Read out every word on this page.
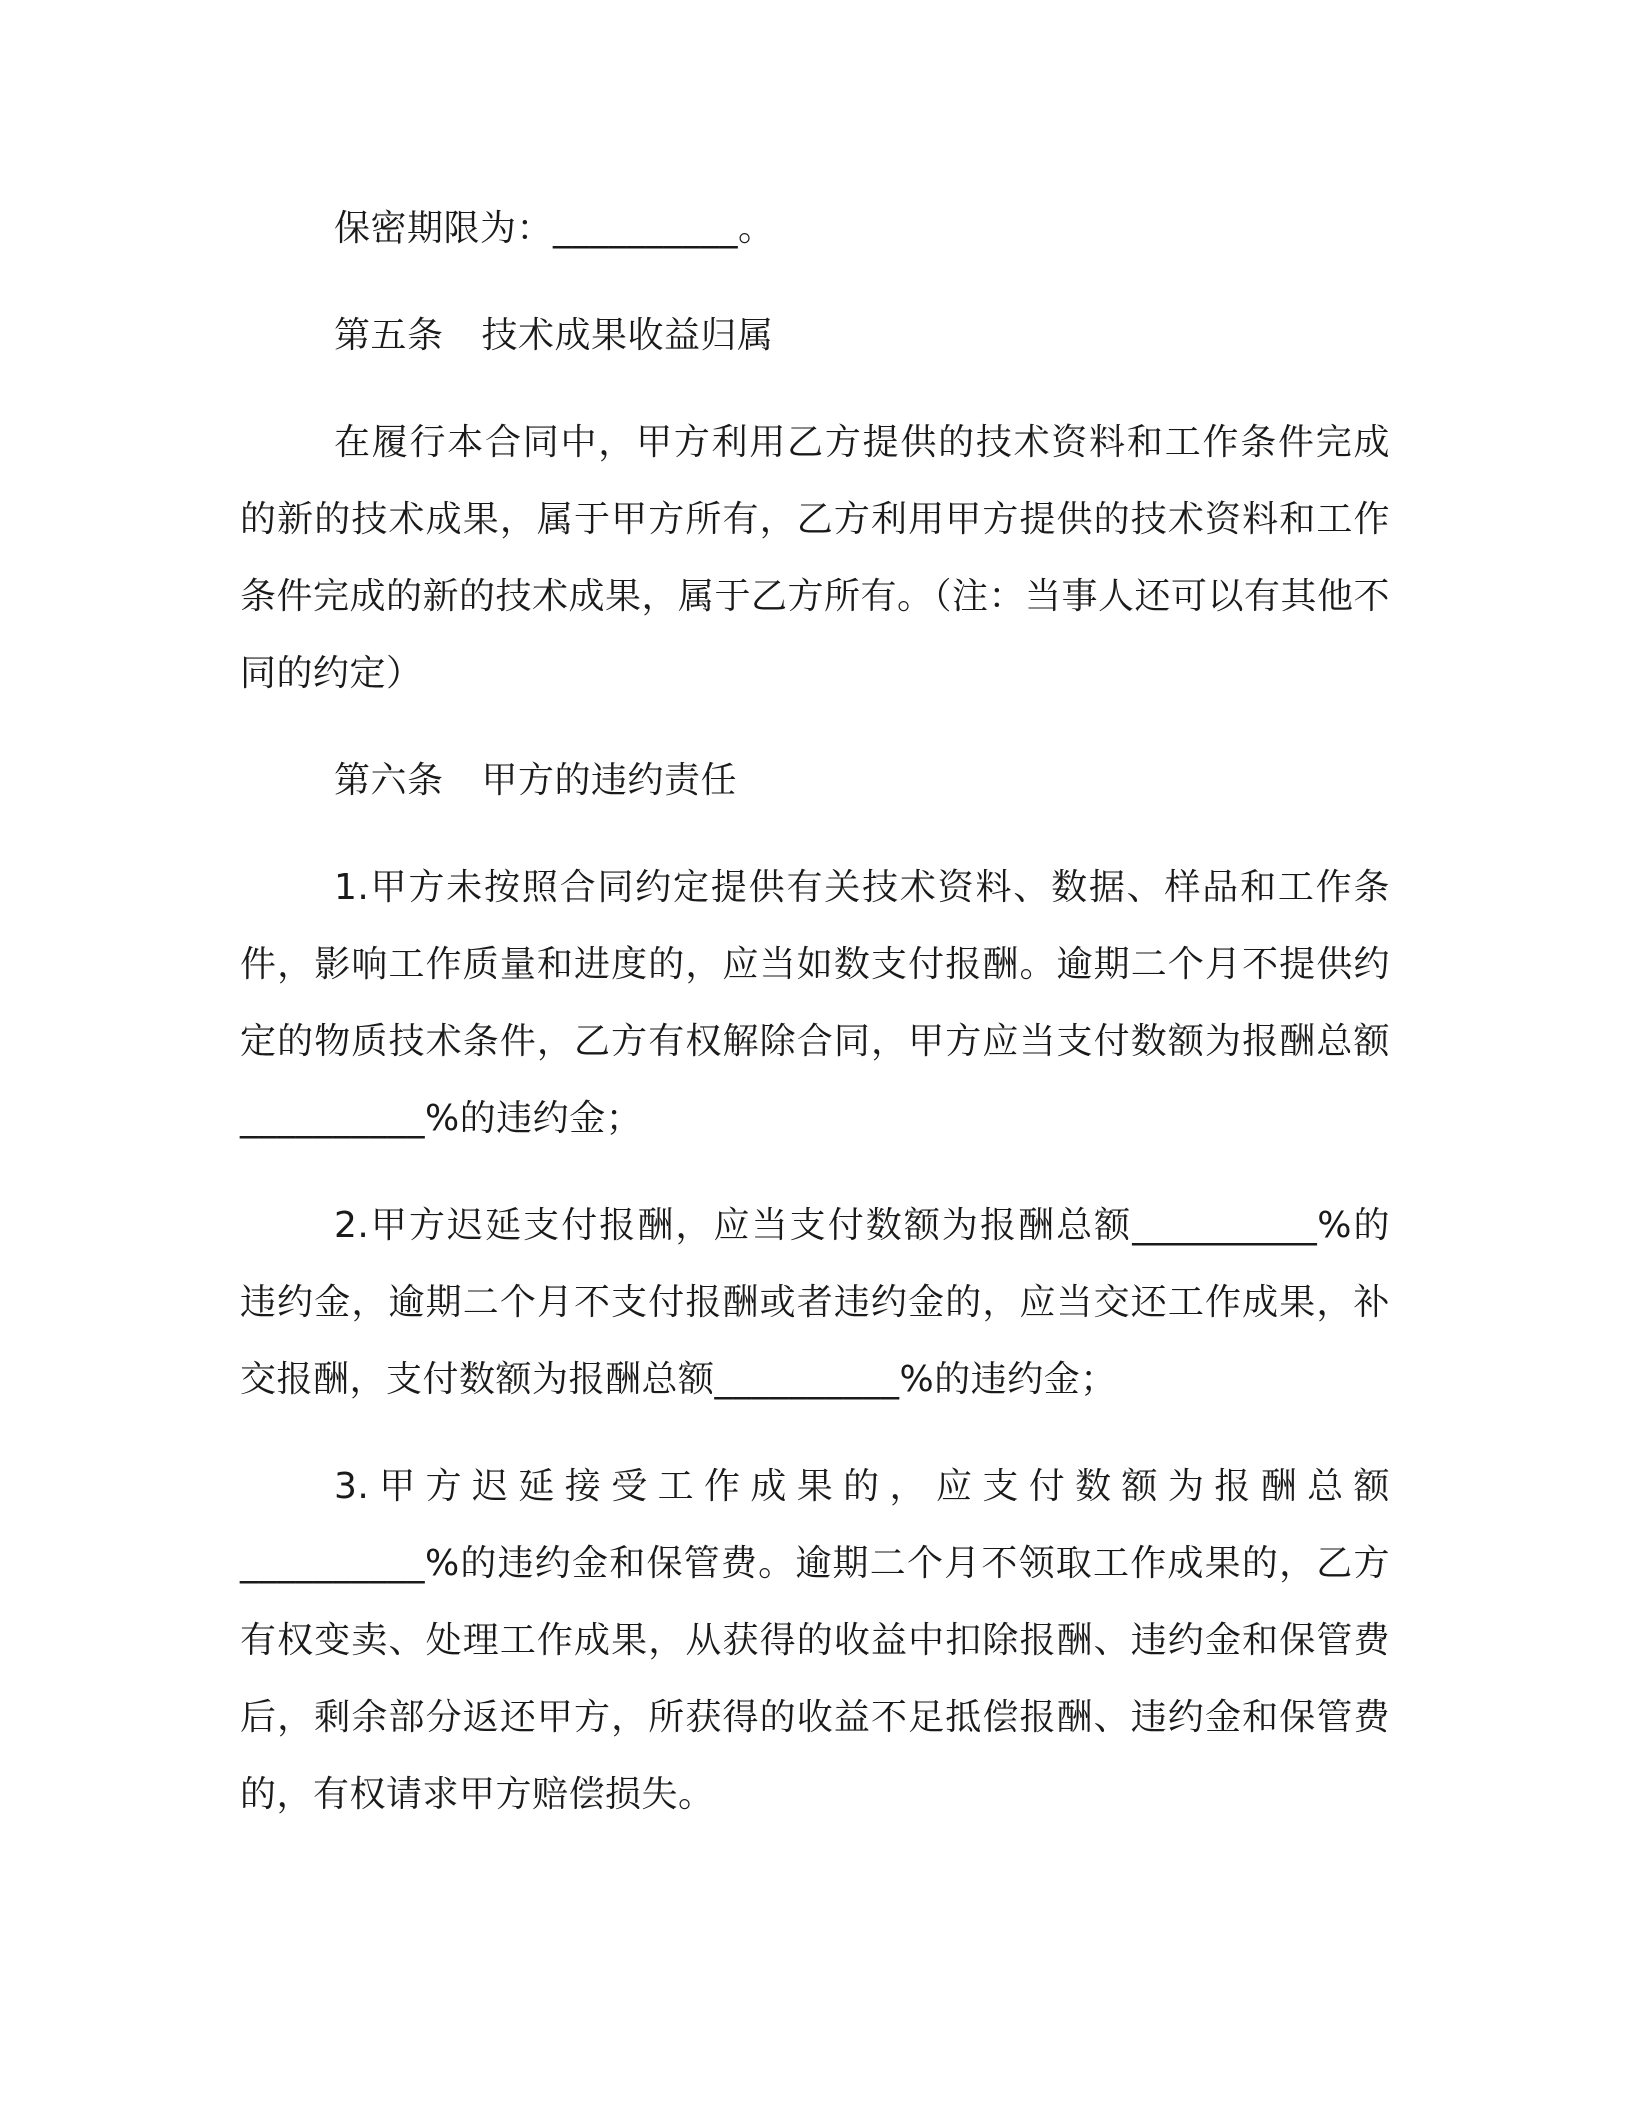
保密期限为：__________。

第五条 技术成果收益归属

在履行本合同中，甲方利用乙方提供的技术资料和工作条件完成的新的技术成果，属于甲方所有，乙方利用甲方提供的技术资料和工作条件完成的新的技术成果，属于乙方所有。（注：当事人还可以有其他不同的约定）

第六条 甲方的违约责任

1.甲方未按照合同约定提供有关技术资料、数据、样品和工作条件，影响工作质量和进度的，应当如数支付报酬。逾期二个月不提供约定的物质技术条件，乙方有权解除合同，甲方应当支付数额为报酬总额__________%的违约金；

2.甲方迟延支付报酬，应当支付数额为报酬总额__________%的违约金，逾期二个月不支付报酬或者违约金的，应当交还工作成果，补交报酬，支付数额为报酬总额__________%的违约金；

3.甲方迟延接受工作成果的，应支付数额为报酬总额__________%的违约金和保管费。逾期二个月不领取工作成果的，乙方有权变卖、处理工作成果，从获得的收益中扣除报酬、违约金和保管费后，剩余部分返还甲方，所获得的收益不足抵偿报酬、违约金和保管费的，有权请求甲方赔偿损失。
